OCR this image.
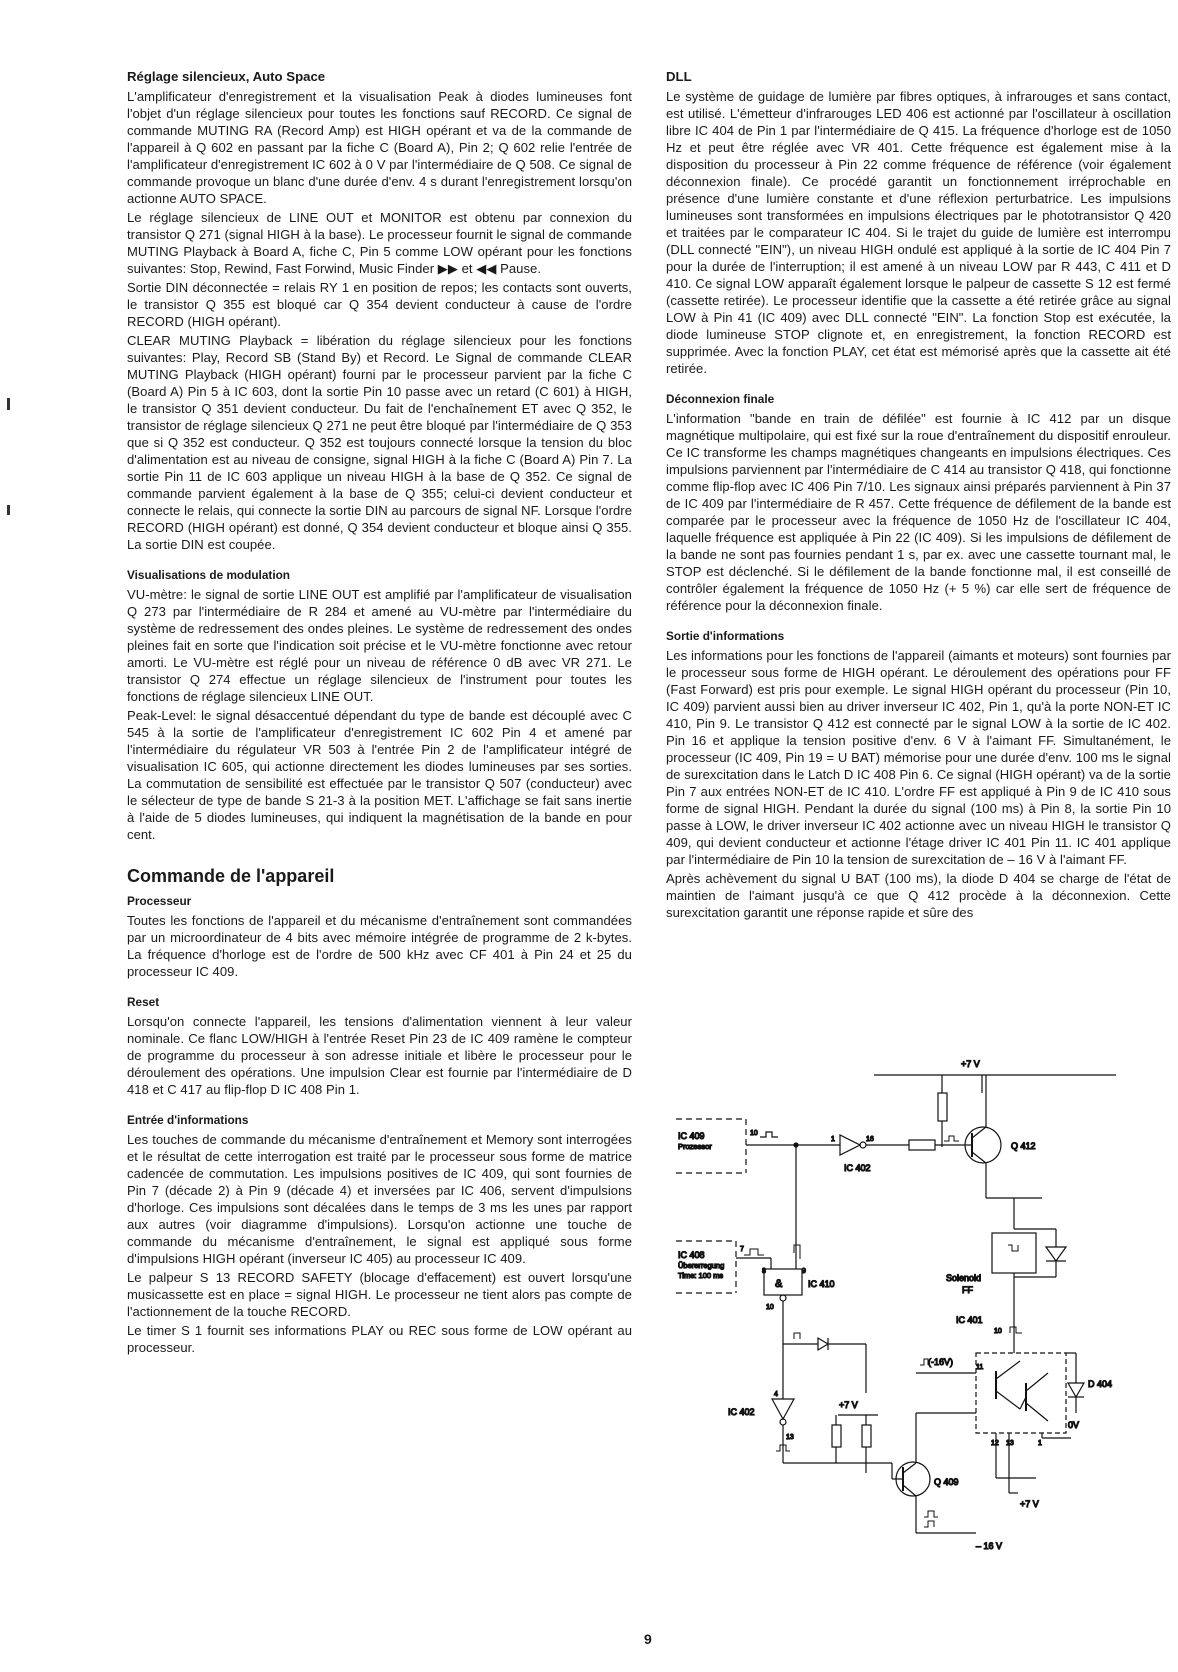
Réglage silencieux, Auto Space

L'amplificateur d'enregistrement et la visualisation Peak à diodes lumineuses font l'objet d'un réglage silencieux pour toutes les fonctions sauf RECORD. Ce signal de commande MUTING RA (Record Amp) est HIGH opérant et va de la commande de l'appareil à Q 602 en passant par la fiche C (Board A), Pin 2; Q 602 relie l'entrée de l'amplificateur d'enregistrement IC 602 à 0 V par l'intermédiaire de Q 508. Ce signal de commande provoque un blanc d'une durée d'env. 4 s durant l'enregistrement lorsqu'on actionne AUTO SPACE.

Le réglage silencieux de LINE OUT et MONITOR est obtenu par connexion du transistor Q 271 (signal HIGH à la base). Le processeur fournit le signal de commande MUTING Playback à Board A, fiche C, Pin 5 comme LOW opérant pour les fonctions suivantes: Stop, Rewind, Fast Forwind, Music Finder ▶▶ et ◀◀ Pause.

Sortie DIN déconnectée = relais RY 1 en position de repos; les contacts sont ouverts, le transistor Q 355 est bloqué car Q 354 devient conducteur à cause de l'ordre RECORD (HIGH opérant).

CLEAR MUTING Playback = libération du réglage silencieux pour les fonctions suivantes: Play, Record SB (Stand By) et Record. Le Signal de commande CLEAR MUTING Playback (HIGH opérant) fourni par le processeur parvient par la fiche C (Board A) Pin 5 à IC 603, dont la sortie Pin 10 passe avec un retard (C 601) à HIGH, le transistor Q 351 devient conducteur. Du fait de l'enchaînement ET avec Q 352, le transistor de réglage silencieux Q 271 ne peut être bloqué par l'intermédiaire de Q 353 que si Q 352 est conducteur. Q 352 est toujours connecté lorsque la tension du bloc d'alimentation est au niveau de consigne, signal HIGH à la fiche C (Board A) Pin 7. La sortie Pin 11 de IC 603 applique un niveau HIGH à la base de Q 352. Ce signal de commande parvient également à la base de Q 355; celui-ci devient conducteur et connecte le relais, qui connecte la sortie DIN au parcours de signal NF. Lorsque l'ordre RECORD (HIGH opérant) est donné, Q 354 devient conducteur et bloque ainsi Q 355. La sortie DIN est coupée.

Visualisations de modulation

VU-mètre: le signal de sortie LINE OUT est amplifié par l'amplificateur de visualisation Q 273 par l'intermédiaire de R 284 et amené au VU-mètre par l'intermédiaire du système de redressement des ondes pleines. Le système de redressement des ondes pleines fait en sorte que l'indication soit précise et le VU-mètre fonctionne avec retour amorti. Le VU-mètre est réglé pour un niveau de référence 0 dB avec VR 271. Le transistor Q 274 effectue un réglage silencieux de l'instrument pour toutes les fonctions de réglage silencieux LINE OUT.

Peak-Level: le signal désaccentué dépendant du type de bande est découplé avec C 545 à la sortie de l'amplificateur d'enregistrement IC 602 Pin 4 et amené par l'intermédiaire du régulateur VR 503 à l'entrée Pin 2 de l'amplificateur intégré de visualisation IC 605, qui actionne directement les diodes lumineuses par ses sorties. La commutation de sensibilité est effectuée par le transistor Q 507 (conducteur) avec le sélecteur de type de bande S 21-3 à la position MET. L'affichage se fait sans inertie à l'aide de 5 diodes lumineuses, qui indiquent la magnétisation de la bande en pour cent.

Commande de l'appareil
Processeur

Toutes les fonctions de l'appareil et du mécanisme d'entraînement sont commandées par un microordinateur de 4 bits avec mémoire intégrée de programme de 2 k-bytes. La fréquence d'horloge est de l'ordre de 500 kHz avec CF 401 à Pin 24 et 25 du processeur IC 409.

Reset

Lorsqu'on connecte l'appareil, les tensions d'alimentation viennent à leur valeur nominale. Ce flanc LOW/HIGH à l'entrée Reset Pin 23 de IC 409 ramène le compteur de programme du processeur à son adresse initiale et libère le processeur pour le déroulement des opérations. Une impulsion Clear est fournie par l'intermédiaire de D 418 et C 417 au flip-flop D IC 408 Pin 1.

Entrée d'informations

Les touches de commande du mécanisme d'entraînement et Memory sont interrogées et le résultat de cette interrogation est traité par le processeur sous forme de matrice cadencée de commutation. Les impulsions positives de IC 409, qui sont fournies de Pin 7 (décade 2) à Pin 9 (décade 4) et inversées par IC 406, servent d'impulsions d'horloge. Ces impulsions sont décalées dans le temps de 3 ms les unes par rapport aux autres (voir diagramme d'impulsions). Lorsqu'on actionne une touche de commande du mécanisme d'entraînement, le signal est appliqué sous forme d'impulsions HIGH opérant (inverseur IC 405) au processeur IC 409.

Le palpeur S 13 RECORD SAFETY (blocage d'effacement) est ouvert lorsqu'une musicassette est en place = signal HIGH. Le processeur ne tient alors pas compte de l'actionnement de la touche RECORD.

Le timer S 1 fournit ses informations PLAY ou REC sous forme de LOW opérant au processeur.

DLL

Le système de guidage de lumière par fibres optiques, à infrarouges et sans contact, est utilisé. L'émetteur d'infrarouges LED 406 est actionné par l'oscillateur à oscillation libre IC 404 de Pin 1 par l'intermédiaire de Q 415. La fréquence d'horloge est de 1050 Hz et peut être réglée avec VR 401. Cette fréquence est également mise à la disposition du processeur à Pin 22 comme fréquence de référence (voir également déconnexion finale). Ce procédé garantit un fonctionnement irréprochable en présence d'une lumière constante et d'une réflexion perturbatrice. Les impulsions lumineuses sont transformées en impulsions électriques par le phototransistor Q 420 et traitées par le comparateur IC 404. Si le trajet du guide de lumière est interrompu (DLL connecté "EIN"), un niveau HIGH ondulé est appliqué à la sortie de IC 404 Pin 7 pour la durée de l'interruption; il est amené à un niveau LOW par R 443, C 411 et D 410. Ce signal LOW apparaît également lorsque le palpeur de cassette S 12 est fermé (cassette retirée). Le processeur identifie que la cassette a été retirée grâce au signal LOW à Pin 41 (IC 409) avec DLL connecté "EIN". La fonction Stop est exécutée, la diode lumineuse STOP clignote et, en enregistrement, la fonction RECORD est supprimée. Avec la fonction PLAY, cet état est mémorisé après que la cassette ait été retirée.

Déconnexion finale

L'information "bande en train de défilée" est fournie à IC 412 par un disque magnétique multipolaire, qui est fixé sur la roue d'entraînement du dispositif enrouleur. Ce IC transforme les champs magnétiques changeants en impulsions électriques. Ces impulsions parviennent par l'intermédiaire de C 414 au transistor Q 418, qui fonctionne comme flip-flop avec IC 406 Pin 7/10. Les signaux ainsi préparés parviennent à Pin 37 de IC 409 par l'intermédiaire de R 457. Cette fréquence de défilement de la bande est comparée par le processeur avec la fréquence de 1050 Hz de l'oscillateur IC 404, laquelle fréquence est appliquée à Pin 22 (IC 409). Si les impulsions de défilement de la bande ne sont pas fournies pendant 1 s, par ex. avec une cassette tournant mal, le STOP est déclenché. Si le défilement de la bande fonctionne mal, il est conseillé de contrôler également la fréquence de 1050 Hz (+ 5 %) car elle sert de fréquence de référence pour la déconnexion finale.

Sortie d'informations

Les informations pour les fonctions de l'appareil (aimants et moteurs) sont fournies par le processeur sous forme de HIGH opérant. Le déroulement des opérations pour FF (Fast Forward) est pris pour exemple. Le signal HIGH opérant du processeur (Pin 10, IC 409) parvient aussi bien au driver inverseur IC 402, Pin 1, qu'à la porte NON-ET IC 410, Pin 9. Le transistor Q 412 est connecté par le signal LOW à la sortie de IC 402. Pin 16 et applique la tension positive d'env. 6 V à l'aimant FF. Simultanément, le processeur (IC 409, Pin 19 = U BAT) mémorise pour une durée d'env. 100 ms le signal de surexcitation dans le Latch D IC 408 Pin 6. Ce signal (HIGH opérant) va de la sortie Pin 7 aux entrées NON-ET de IC 410. L'ordre FF est appliqué à Pin 9 de IC 410 sous forme de signal HIGH. Pendant la durée du signal (100 ms) à Pin 8, la sortie Pin 10 passe à LOW, le driver inverseur IC 402 actionne avec un niveau HIGH le transistor Q 409, qui devient conducteur et actionne l'étage driver IC 401 Pin 11. IC 401 applique par l'intermédiaire de Pin 10 la tension de surexcitation de – 16 V à l'aimant FF.

Après achèvement du signal U BAT (100 ms), la diode D 404 se charge de l'état de maintien de l'aimant jusqu'à ce que Q 412 procède à la déconnexion. Cette surexcitation garantit une réponse rapide et sûre des

+7 V
IC 409
Prozessor
10
1	16
IC 402
Q 412
9
IC 408
Übererregung
Time: 100 ms
7
8
&	IC 410
10
4
13
IC 402
+7 V
Q 409
Solenoid
FF
IC 401
10
11
(-16V)
12 13	1
D 404
0V
+7 V
– 16 V
9
